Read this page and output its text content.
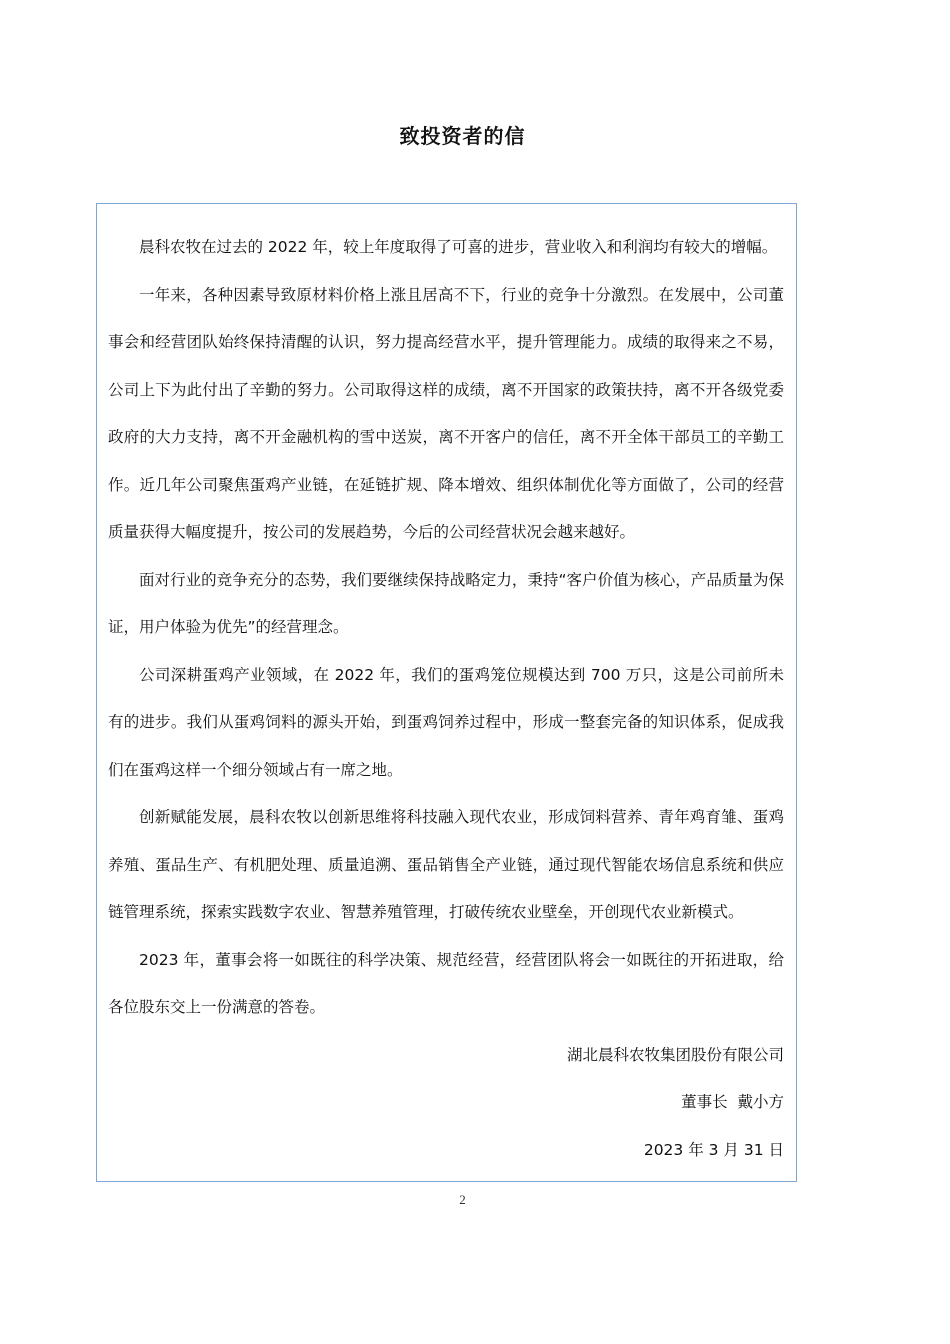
致投资者的信

晨科农牧在过去的 2022 年，较上年度取得了可喜的进步，营业收入和利润均有较大的增幅。

一年来，各种因素导致原材料价格上涨且居高不下，行业的竞争十分激烈。在发展中，公司董事会和经营团队始终保持清醒的认识，努力提高经营水平，提升管理能力。成绩的取得来之不易，公司上下为此付出了辛勤的努力。公司取得这样的成绩，离不开国家的政策扶持，离不开各级党委政府的大力支持，离不开金融机构的雪中送炭，离不开客户的信任，离不开全体干部员工的辛勤工作。近几年公司聚焦蛋鸡产业链，在延链扩规、降本增效、组织体制优化等方面做了，公司的经营质量获得大幅度提升，按公司的发展趋势，今后的公司经营状况会越来越好。

面对行业的竞争充分的态势，我们要继续保持战略定力，秉持“客户价值为核心，产品质量为保证，用户体验为优先”的经营理念。

公司深耕蛋鸡产业领域，在 2022 年，我们的蛋鸡笼位规模达到 700 万只，这是公司前所未有的进步。我们从蛋鸡饲料的源头开始，到蛋鸡饲养过程中，形成一整套完备的知识体系，促成我们在蛋鸡这样一个细分领域占有一席之地。

创新赋能发展，晨科农牧以创新思维将科技融入现代农业，形成饲料营养、青年鸡育雏、蛋鸡养殖、蛋品生产、有机肥处理、质量追溯、蛋品销售全产业链，通过现代智能农场信息系统和供应链管理系统，探索实践数字农业、智慧养殖管理，打破传统农业壁垒，开创现代农业新模式。

2023 年，董事会将一如既往的科学决策、规范经营，经营团队将会一如既往的开拓进取，给各位股东交上一份满意的答卷。

湖北晨科农牧集团股份有限公司

董事长  戴小方

2023 年 3 月 31 日

2
